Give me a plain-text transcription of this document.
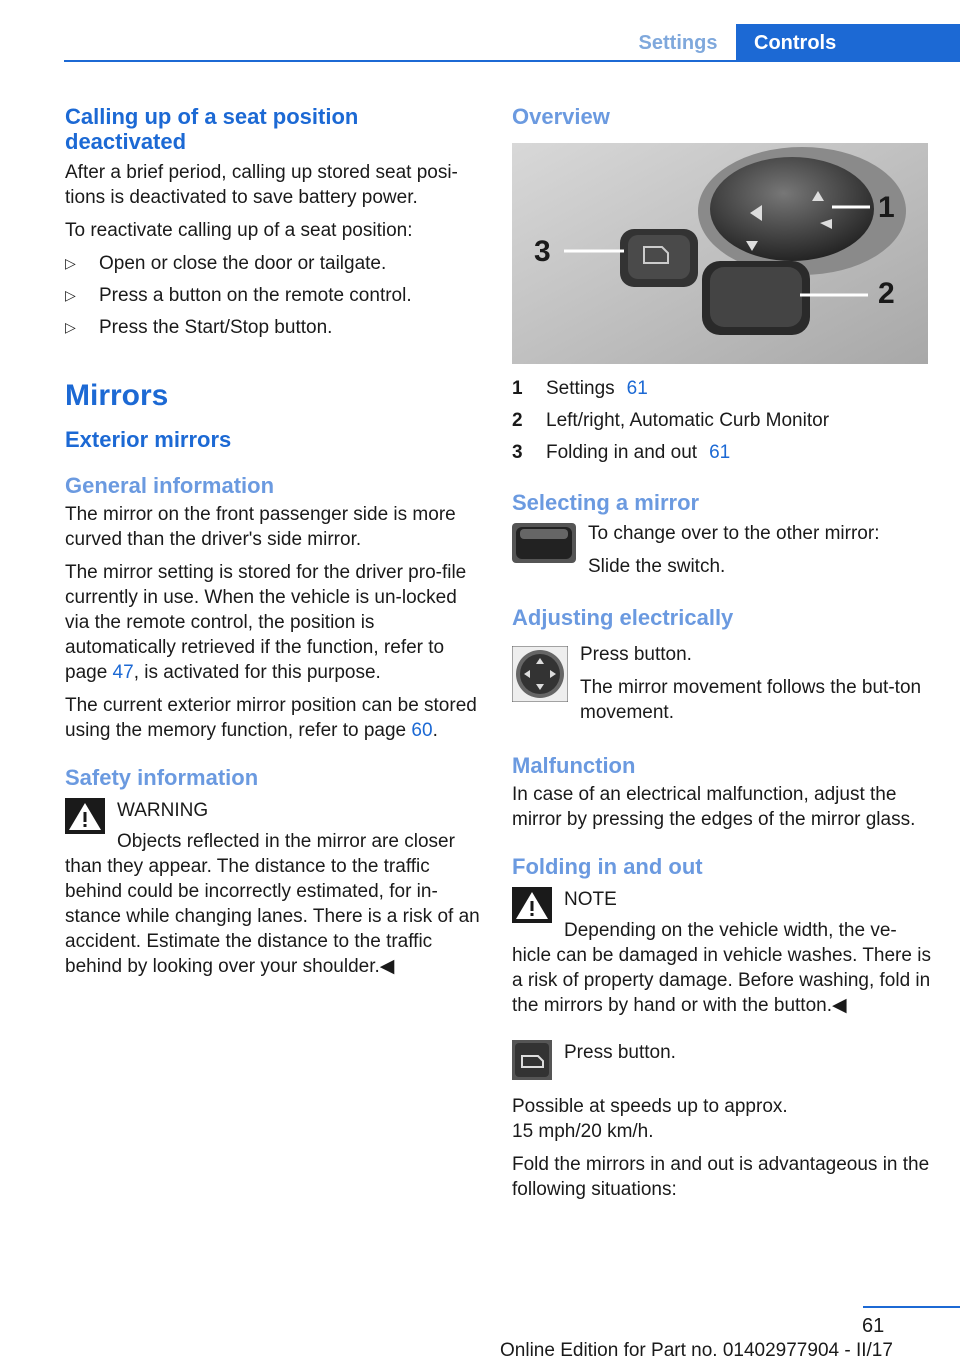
Settings	Controls
Calling up of a seat position deactivated

After a brief period, calling up stored seat posi-tions is deactivated to save battery power.

To reactivate calling up of a seat position:

▷ Open or close the door or tailgate.
▷ Press a button on the remote control.
▷ Press the Start/Stop button.
Mirrors
Exterior mirrors
General information

The mirror on the front passenger side is more curved than the driver's side mirror.

The mirror setting is stored for the driver pro-file currently in use. When the vehicle is un-locked via the remote control, the position is automatically retrieved if the function, refer to page 47, is activated for this purpose.

The current exterior mirror position can be stored using the memory function, refer to page 60.

Safety information

WARNING

Objects reflected in the mirror are closer than they appear. The distance to the traffic behind could be incorrectly estimated, for in-stance while changing lanes. There is a risk of an accident. Estimate the distance to the traffic behind by looking over your shoulder.◀

Overview
1
2
3
1	Settings 61
2	Left/right, Automatic Curb Monitor
3	Folding in and out 61
Selecting a mirror

To change over to the other mirror:

Slide the switch.

Adjusting electrically

Press button.

The mirror movement follows the but-ton movement.

Malfunction

In case of an electrical malfunction, adjust the mirror by pressing the edges of the mirror glass.

Folding in and out

NOTE

Depending on the vehicle width, the ve-hicle can be damaged in vehicle washes. There is a risk of property damage. Before washing, fold in the mirrors by hand or with the button.◀

Press button.

Possible at speeds up to approx.
15 mph/20 km/h.

Fold the mirrors in and out is advantageous in the following situations:

61
Online Edition for Part no. 01402977904 - II/17
